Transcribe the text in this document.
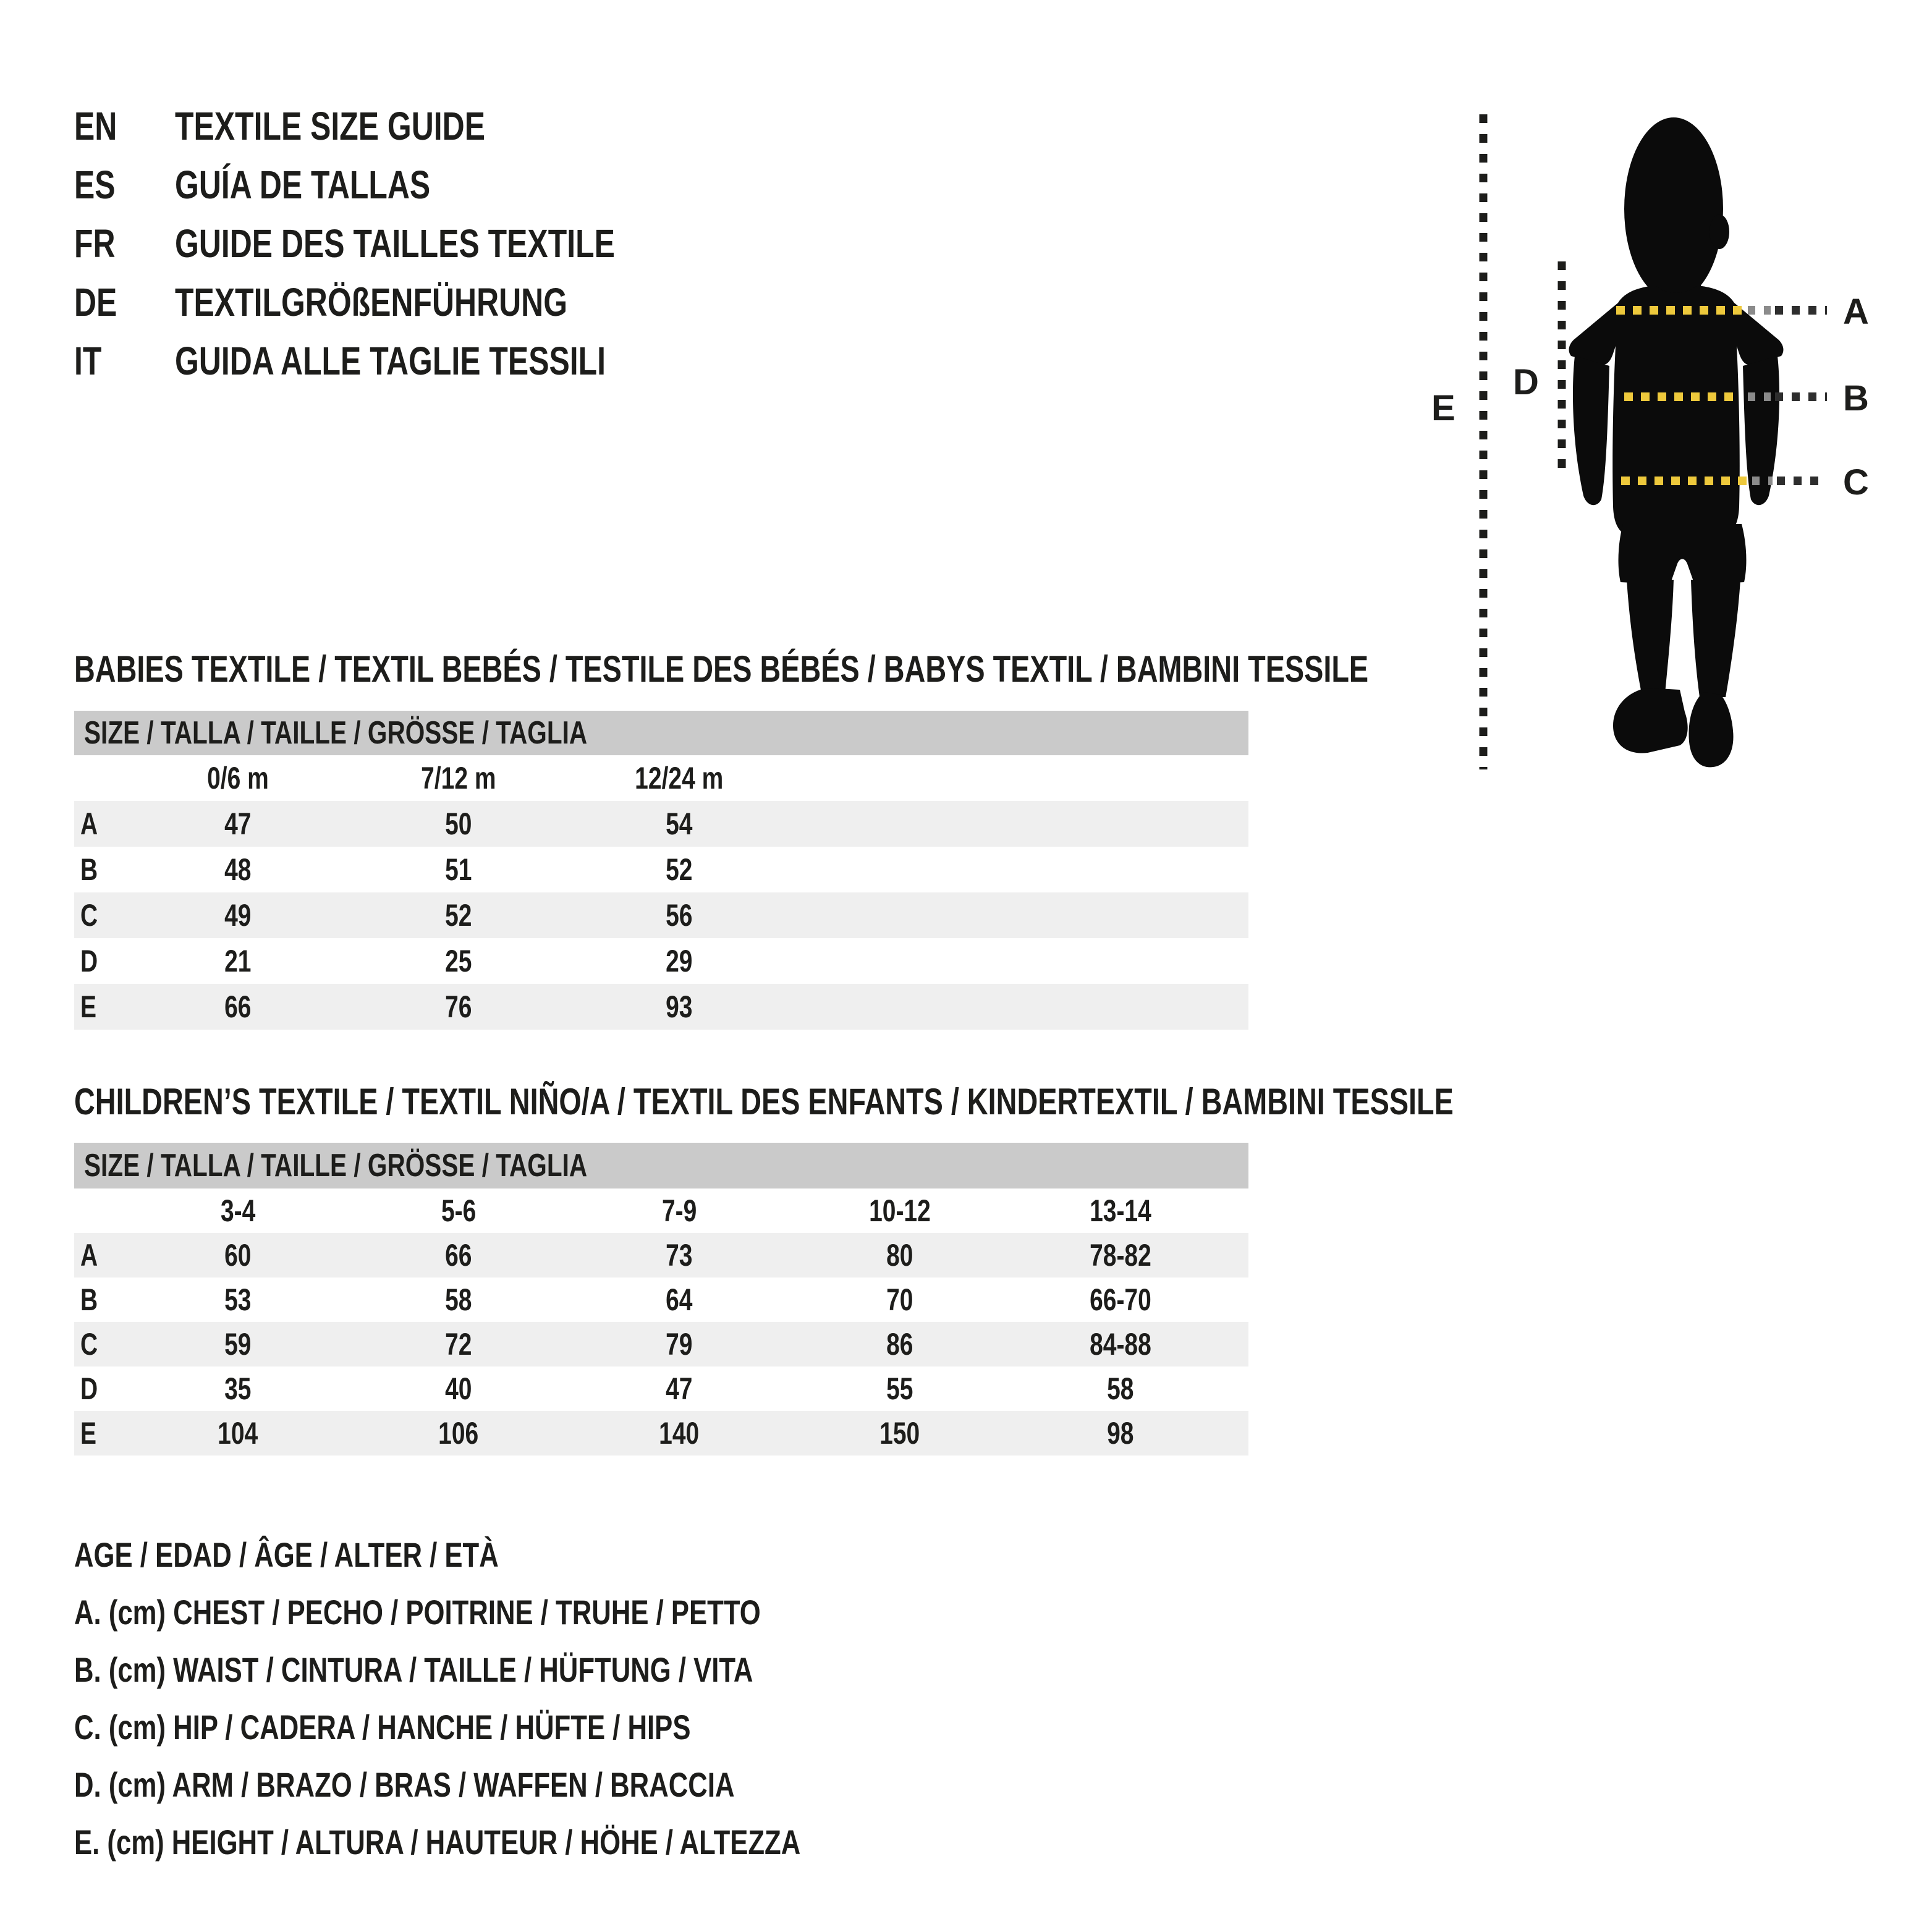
EN	TEXTILE SIZE GUIDE
ES GUÍA DE TALLAS
FR GUIDE DES TAILLES TEXTILE
DE	TEXTILGRÖßENFÜHRUNG
IT GUIDA ALLE TAGLIE TESSILI
A
B
C
D
E
BABIES TEXTILE / TEXTIL BEBÉS / TESTILE DES BÉBÉS / BABYS TEXTIL / BAMBINI TESSILE
SIZE / TALLA / TAILLE / GRÖSSE / TAGLIA
0/6 m	7/12 m	12/24 m
A	47	50	54
B	48	51	52
C	49	52	56
D	21	25	29
E	66	76	93
CHILDREN’S TEXTILE / TEXTIL NIÑO/A / TEXTIL DES ENFANTS / KINDERTEXTIL / BAMBINI TESSILE
SIZE / TALLA / TAILLE / GRÖSSE / TAGLIA
3-4	5-6	7-9	10-12	13-14
A	60	66	73	80	78-82
B	53	58	64	70	66-70
C	59	72	79	86	84-88
D	35	40	47	55	58
E	104	106	140	150	98
AGE / EDAD / ÂGE / ALTER / ETÀ
A. (cm) CHEST / PECHO / POITRINE / TRUHE / PETTO
B. (cm) WAIST / CINTURA / TAILLE / HÜFTUNG / VITA
C. (cm) HIP / CADERA / HANCHE / HÜFTE / HIPS
D. (cm) ARM / BRAZO / BRAS / WAFFEN / BRACCIA
E. (cm) HEIGHT / ALTURA / HAUTEUR / HÖHE / ALTEZZA
